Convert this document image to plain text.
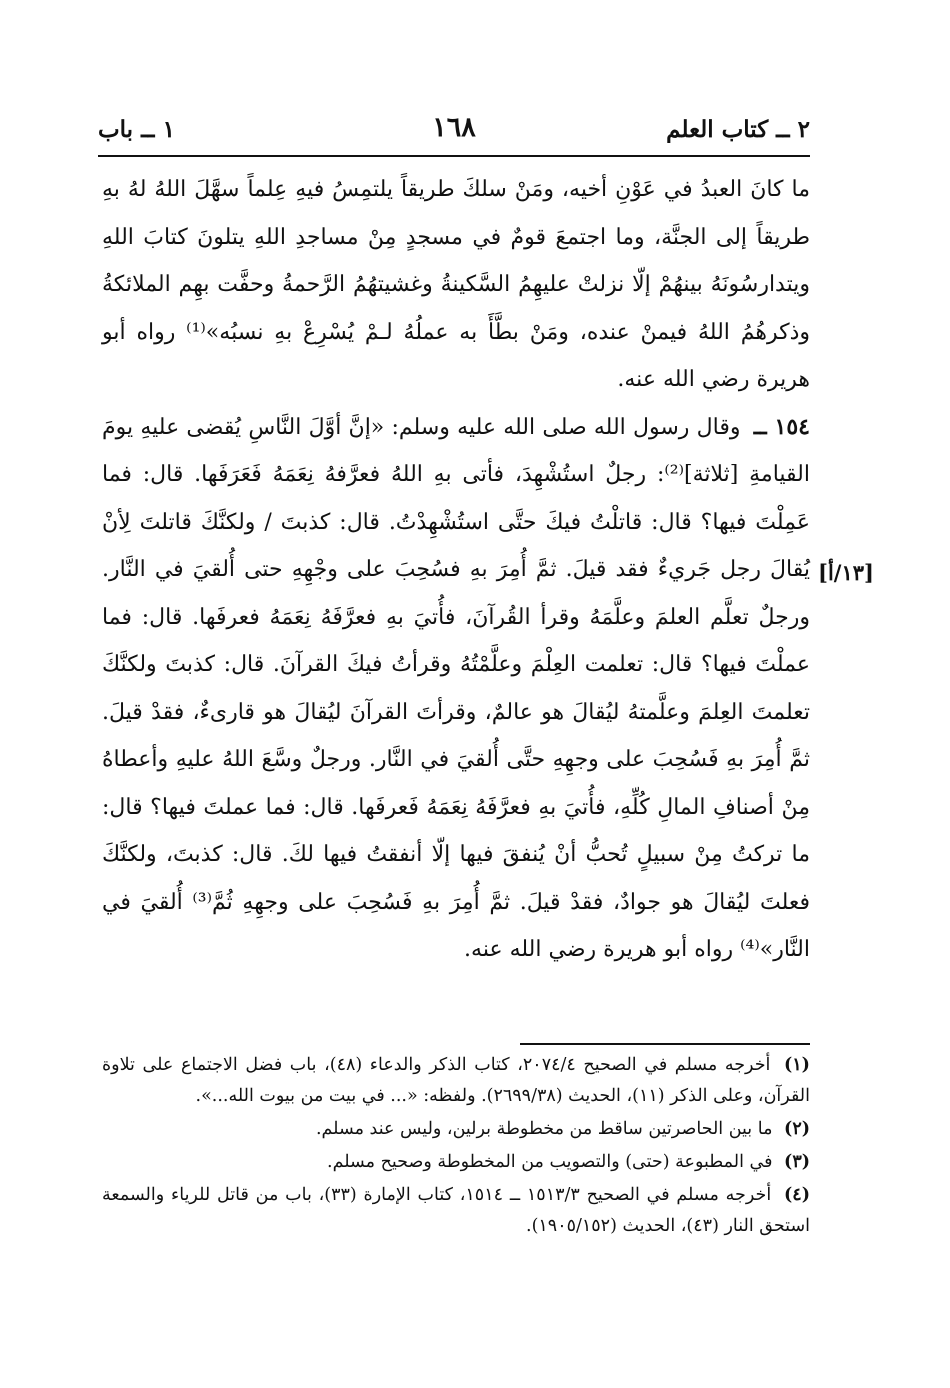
٢ ــ كتاب العلم
١٦٨
١ ــ باب
[١٣/أ]

ما كانَ العبدُ في عَوْنِ أخيه، ومَنْ سلكَ طريقاً يلتمِسُ فيهِ عِلماً سهَّلَ اللهُ لهُ بهِ طريقاً إلى الجنَّة، وما اجتمعَ قومٌ في مسجدٍ مِنْ مساجدِ اللهِ يتلونَ كتابَ اللهِ ويتدارسُونَهُ بينهُمْ إلّا نزلتْ عليهِمُ السَّكينةُ وغشيتهُمُ الرَّحمةُ وحفَّت بهِم الملائكةُ وذكرهُمُ اللهُ فيمنْ عنده، ومَنْ بطَّأَ به عملُهُ لـمْ يُسْرِعْ بهِ نسبُه»⁽¹⁾ رواه أبو هريرة رضي الله عنه.

١٥٤ ــ وقال رسول الله صلى الله عليه وسلم: «إنَّ أوَّلَ النَّاسِ يُقضى عليهِ يومَ القيامةِ [ثلاثة]⁽²⁾: رجلٌ استُشْهِدَ، فأتى بهِ اللهُ فعرَّفهُ نِعَمَهُ فَعَرَفَها. قال: فما عَمِلْتَ فيها؟ قال: قاتلْتُ فيكَ حتَّى استُشْهِدْتُ. قال: كذبتَ / ولكنَّكَ قاتلتَ لِأنْ يُقالَ رجل جَريءٌ فقد قيلَ. ثمَّ أُمِرَ بهِ فسُحِبَ على وجْهِهِ حتى أُلقيَ في النَّار. ورجلٌ تعلَّم العلمَ وعلَّمَهُ وقرأ القُرآنَ، فأُتيَ بهِ فعرَّفَهُ نِعَمَهُ فعرفَها. قال: فما عملْتَ فيها؟ قال: تعلمت العِلْمَ وعلَّمْتُهُ وقرأتُ فيكَ القرآنَ. قال: كذبتَ ولكنَّكَ تعلمتَ العِلمَ وعلَّمتهُ ليُقالَ هو عالمٌ، وقرأتَ القرآنَ ليُقالَ هو قارىءٌ، فقدْ قيلَ. ثمَّ أُمِرَ بهِ فَسُحِبَ على وجهِهِ حتَّى أُلقيَ في النَّار. ورجلٌ وسَّعَ اللهُ عليهِ وأعطاهُ مِنْ أصنافِ المالِ كُلِّهِ، فأُتيَ بهِ فعرَّفَهُ نِعَمَهُ فَعرفَها. قال: فما عملتَ فيها؟ قال: ما تركتُ مِنْ سبيلٍ تُحبُّ أنْ يُنفقَ فيها إلّا أنفقتُ فيها لكَ. قال: كذبتَ، ولكنَّكَ فعلتَ ليُقالَ هو جوادٌ، فقدْ قيلَ. ثمَّ أُمِرَ بهِ فَسُحِبَ على وجهِهِ ثُمَّ⁽³⁾ أُلقيَ في النَّار»⁽⁴⁾ رواه أبو هريرة رضي الله عنه.

(١) أخرجه مسلم في الصحيح ٢٠٧٤/٤، كتاب الذكر والدعاء (٤٨)، باب فضل الاجتماع على تلاوة القرآن، وعلى الذكر (١١)، الحديث (٢٦٩٩/٣٨). ولفظه: «... في بيت من بيوت الله...».

(٢) ما بين الحاصرتين ساقط من مخطوطة برلين، وليس عند مسلم.

(٣) في المطبوعة (حتى) والتصويب من المخطوطة وصحيح مسلم.

(٤) أخرجه مسلم في الصحيح ١٥١٣/٣ ــ ١٥١٤، كتاب الإمارة (٣٣)، باب من قاتل للرياء والسمعة استحق النار (٤٣)، الحديث (١٩٠٥/١٥٢).
